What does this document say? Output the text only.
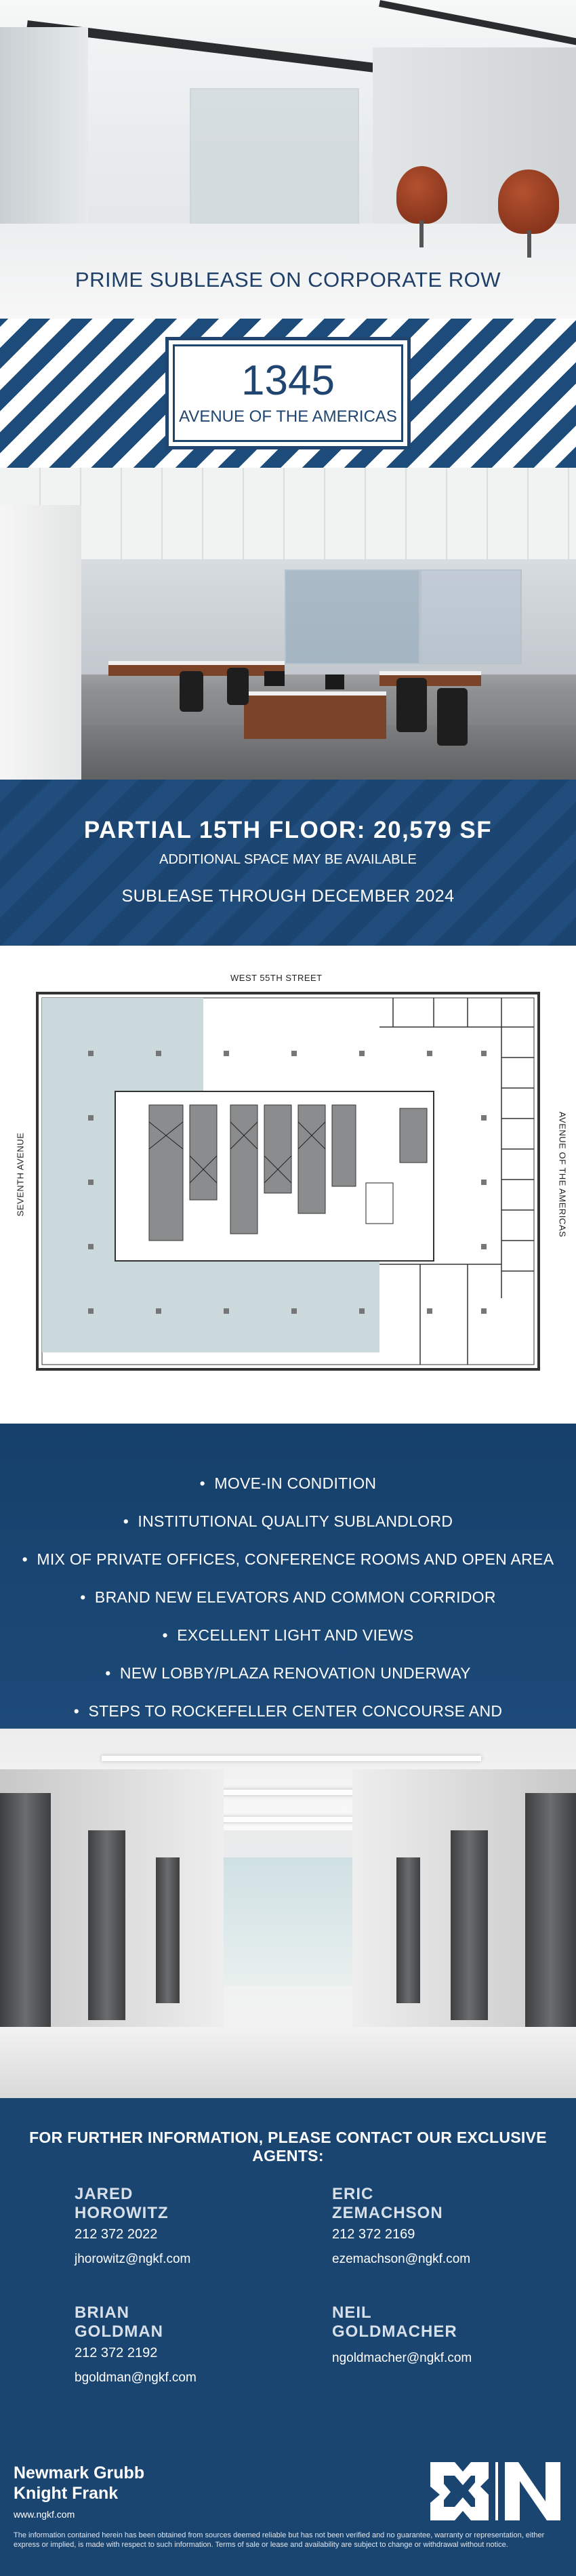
PRIME SUBLEASE ON CORPORATE ROW
1345
AVENUE OF THE AMERICAS
PARTIAL 15TH FLOOR: 20,579 SF
ADDITIONAL SPACE MAY BE AVAILABLE
SUBLEASE THROUGH DECEMBER 2024
WEST 55TH STREET
SEVENTH AVENUE	AVENUE OF THE AMERICAS
•  MOVE-IN CONDITION
•  INSTITUTIONAL QUALITY SUBLANDLORD
•  MIX OF PRIVATE OFFICES, CONFERENCE ROOMS AND OPEN AREA
•  BRAND NEW ELEVATORS AND COMMON CORRIDOR
•  EXCELLENT LIGHT AND VIEWS
•  NEW LOBBY/PLAZA RENOVATION UNDERWAY
•  STEPS TO ROCKEFELLER CENTER CONCOURSE AND
FOR FURTHER INFORMATION, PLEASE CONTACT OUR EXCLUSIVE AGENTS:
JARED
HOROWITZ
212 372 2022
jhorowitz@ngkf.com
ERIC
ZEMACHSON
212 372 2169
ezemachson@ngkf.com
BRIAN
GOLDMAN
212 372 2192
bgoldman@ngkf.com
NEIL
GOLDMACHER
ngoldmacher@ngkf.com
Newmark Grubb
Knight Frank
www.ngkf.com
The information contained herein has been obtained from sources deemed reliable but has not been verified and no guarantee, warranty or representation, either express or implied, is made with respect to such information. Terms of sale or lease and availability are subject to change or withdrawal without notice.
